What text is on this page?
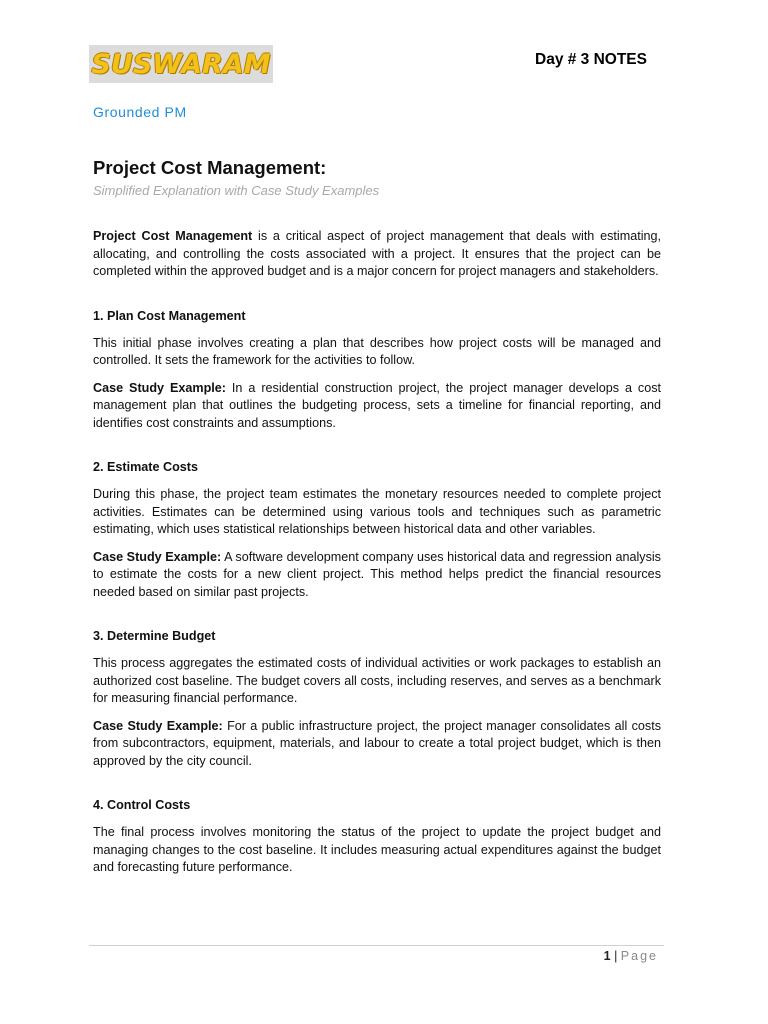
SUSWARAM	Day # 3 NOTES
Grounded PM
Project Cost Management:
Simplified Explanation with Case Study Examples

Project Cost Management is a critical aspect of project management that deals with estimating, allocating, and controlling the costs associated with a project. It ensures that the project can be completed within the approved budget and is a major concern for project managers and stakeholders.

1. Plan Cost Management

This initial phase involves creating a plan that describes how project costs will be managed and controlled. It sets the framework for the activities to follow.

Case Study Example: In a residential construction project, the project manager develops a cost management plan that outlines the budgeting process, sets a timeline for financial reporting, and identifies cost constraints and assumptions.

2. Estimate Costs

During this phase, the project team estimates the monetary resources needed to complete project activities. Estimates can be determined using various tools and techniques such as parametric estimating, which uses statistical relationships between historical data and other variables.

Case Study Example: A software development company uses historical data and regression analysis to estimate the costs for a new client project. This method helps predict the financial resources needed based on similar past projects.

3. Determine Budget

This process aggregates the estimated costs of individual activities or work packages to establish an authorized cost baseline. The budget covers all costs, including reserves, and serves as a benchmark for measuring financial performance.

Case Study Example: For a public infrastructure project, the project manager consolidates all costs from subcontractors, equipment, materials, and labour to create a total project budget, which is then approved by the city council.

4. Control Costs

The final process involves monitoring the status of the project to update the project budget and managing changes to the cost baseline. It includes measuring actual expenditures against the budget and forecasting future performance.

1 | Page
